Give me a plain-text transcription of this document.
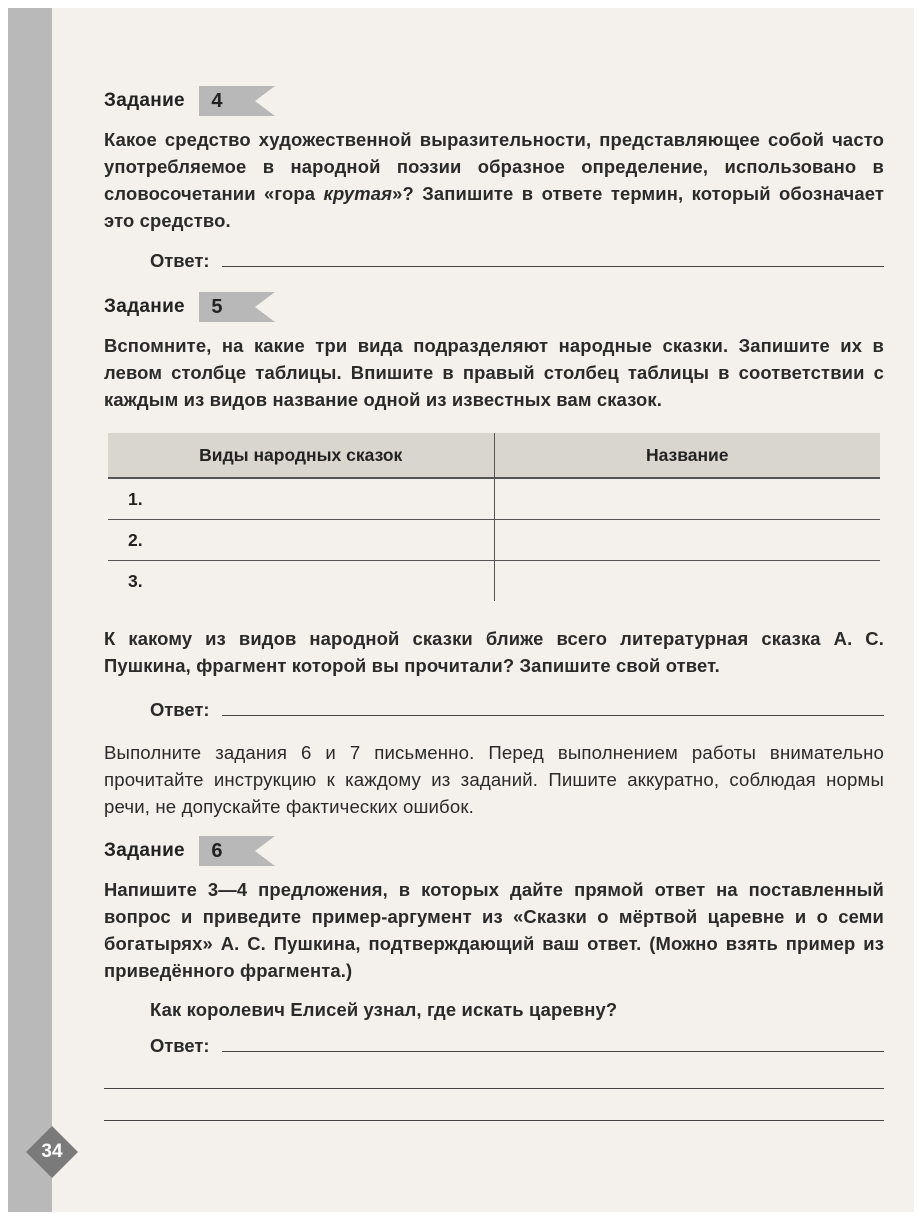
Задание	4

Какое средство художественной выразительности, представляющее собой часто употребляемое в народной поэзии образное определение, использовано в словосочетании «гора крутая»? Запишите в ответе термин, который обозначает это средство.

Ответ:
Задание	5

Вспомните, на какие три вида подразделяют народные сказки. Запишите их в левом столбце таблицы. Впишите в правый столбец таблицы в соответствии с каждым из видов название одной из известных вам сказок.

Виды народных сказок	Название
1.	
2.	
3.	

К какому из видов народной сказки ближе всего литературная сказка А. С. Пушкина, фрагмент которой вы прочитали? Запишите свой ответ.

Ответ:

Выполните задания 6 и 7 письменно. Перед выполнением работы внимательно прочитайте инструкцию к каждому из заданий. Пишите аккуратно, соблюдая нормы речи, не допускайте фактических ошибок.

Задание	6

Напишите 3—4 предложения, в которых дайте прямой ответ на поставленный вопрос и приведите пример-аргумент из «Сказки о мёртвой царевне и о семи богатырях» А. С. Пушкина, подтверждающий ваш ответ. (Можно взять пример из приведённого фрагмента.)

Как королевич Елисей узнал, где искать царевну?

Ответ:
34
